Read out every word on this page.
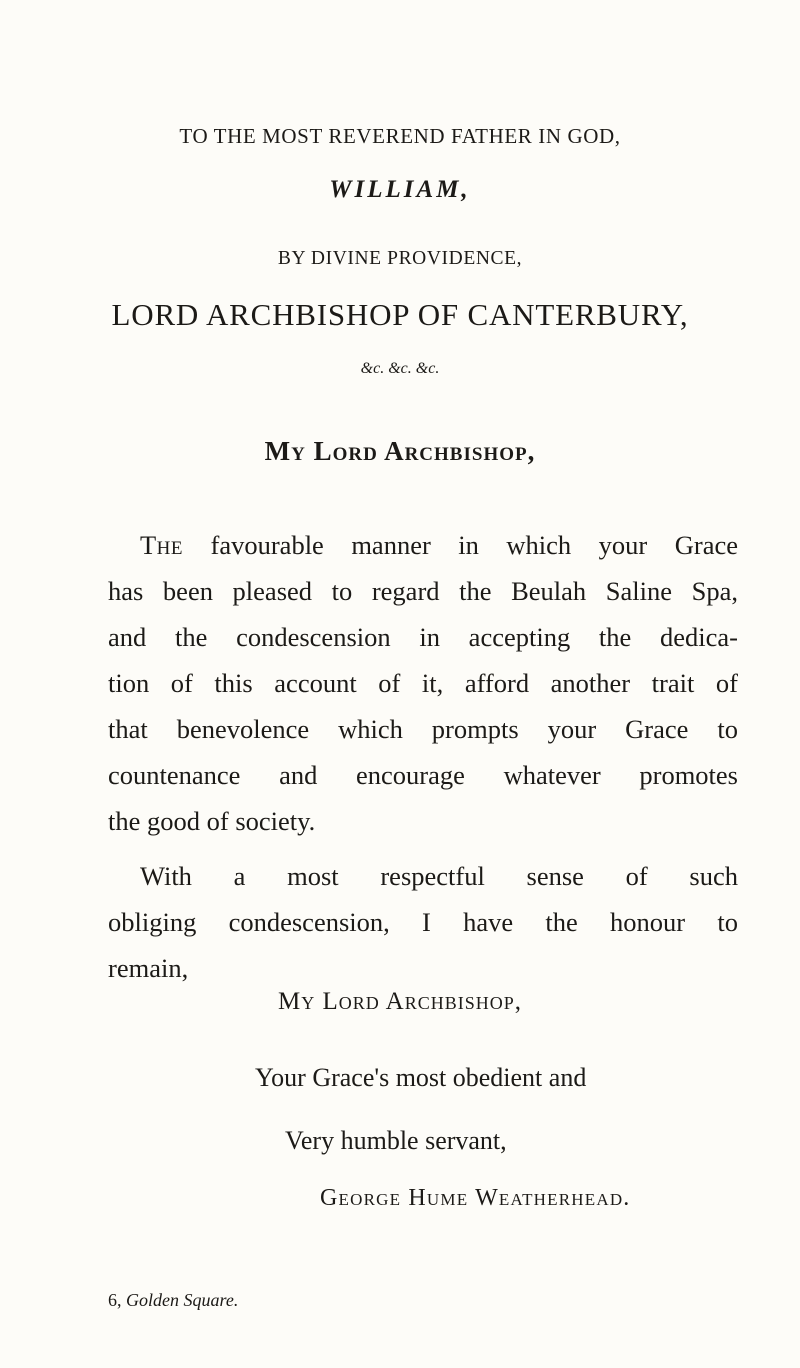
TO THE MOST REVEREND FATHER IN GOD,
WILLIAM,
BY DIVINE PROVIDENCE,
LORD ARCHBISHOP OF CANTERBURY,
&c. &c. &c.
My Lord Archbishop,
The favourable manner in which your Grace
has been pleased to regard the Beulah Saline Spa,
and the condescension in accepting the dedica-
tion of this account of it, afford another trait of
that benevolence which prompts your Grace to
countenance and encourage whatever promotes
the good of society.
With a most respectful sense of such
obliging condescension, I have the honour to
remain,
My Lord Archbishop,
Your Grace's most obedient and
Very humble servant,
George Hume Weatherhead.
6, Golden Square.
